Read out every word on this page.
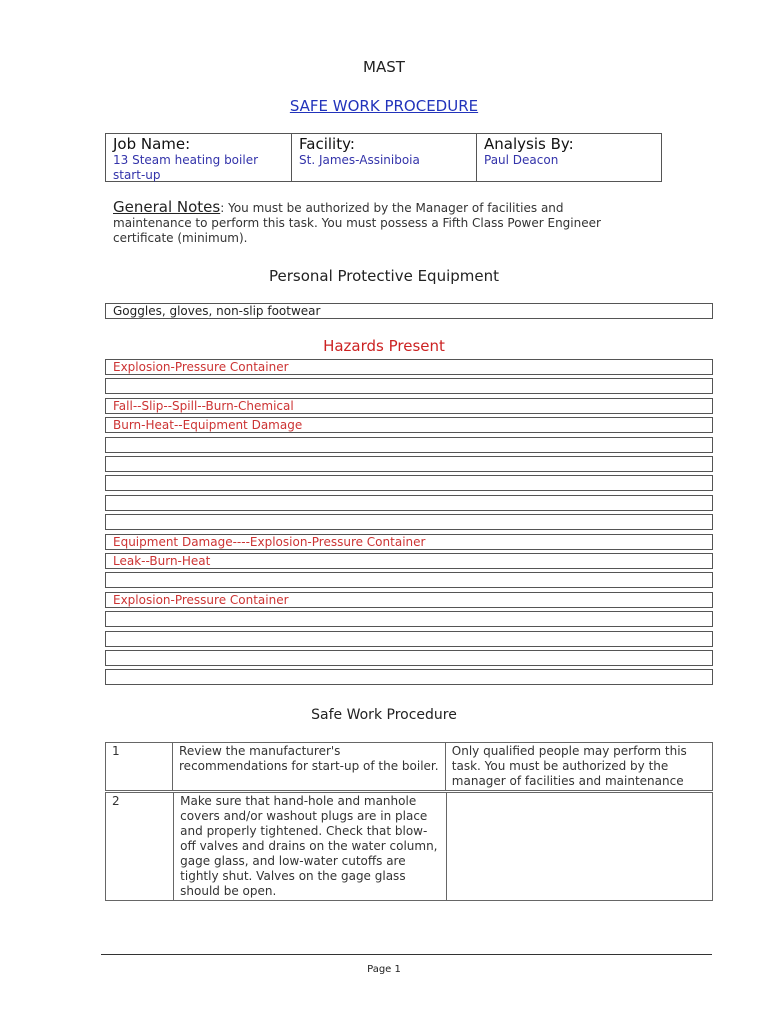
MAST
SAFE WORK PROCEDURE
Job Name:
13 Steam heating boiler start-up
Facility:
St. James-Assiniboia
Analysis By:
Paul Deacon
General Notes: You must be authorized by the Manager of facilities and maintenance to perform this task. You must possess a Fifth Class Power Engineer certificate (minimum).
Personal Protective Equipment
Goggles, gloves, non-slip footwear
Hazards Present
Explosion-Pressure Container
Fall--Slip--Spill--Burn-Chemical
Burn-Heat--Equipment Damage
Equipment Damage----Explosion-Pressure Container
Leak--Burn-Heat
Explosion-Pressure Container
Safe Work Procedure
1	Review the manufacturer's recommendations for start-up of the boiler.	Only qualified people may perform this task. You must be authorized by the manager of facilities and maintenance
2	Make sure that hand-hole and manhole covers and/or washout plugs are in place and properly tightened. Check that blow-off valves and drains on the water column, gage glass, and low-water cutoffs are tightly shut. Valves on the gage glass should be open.	
Page 1
